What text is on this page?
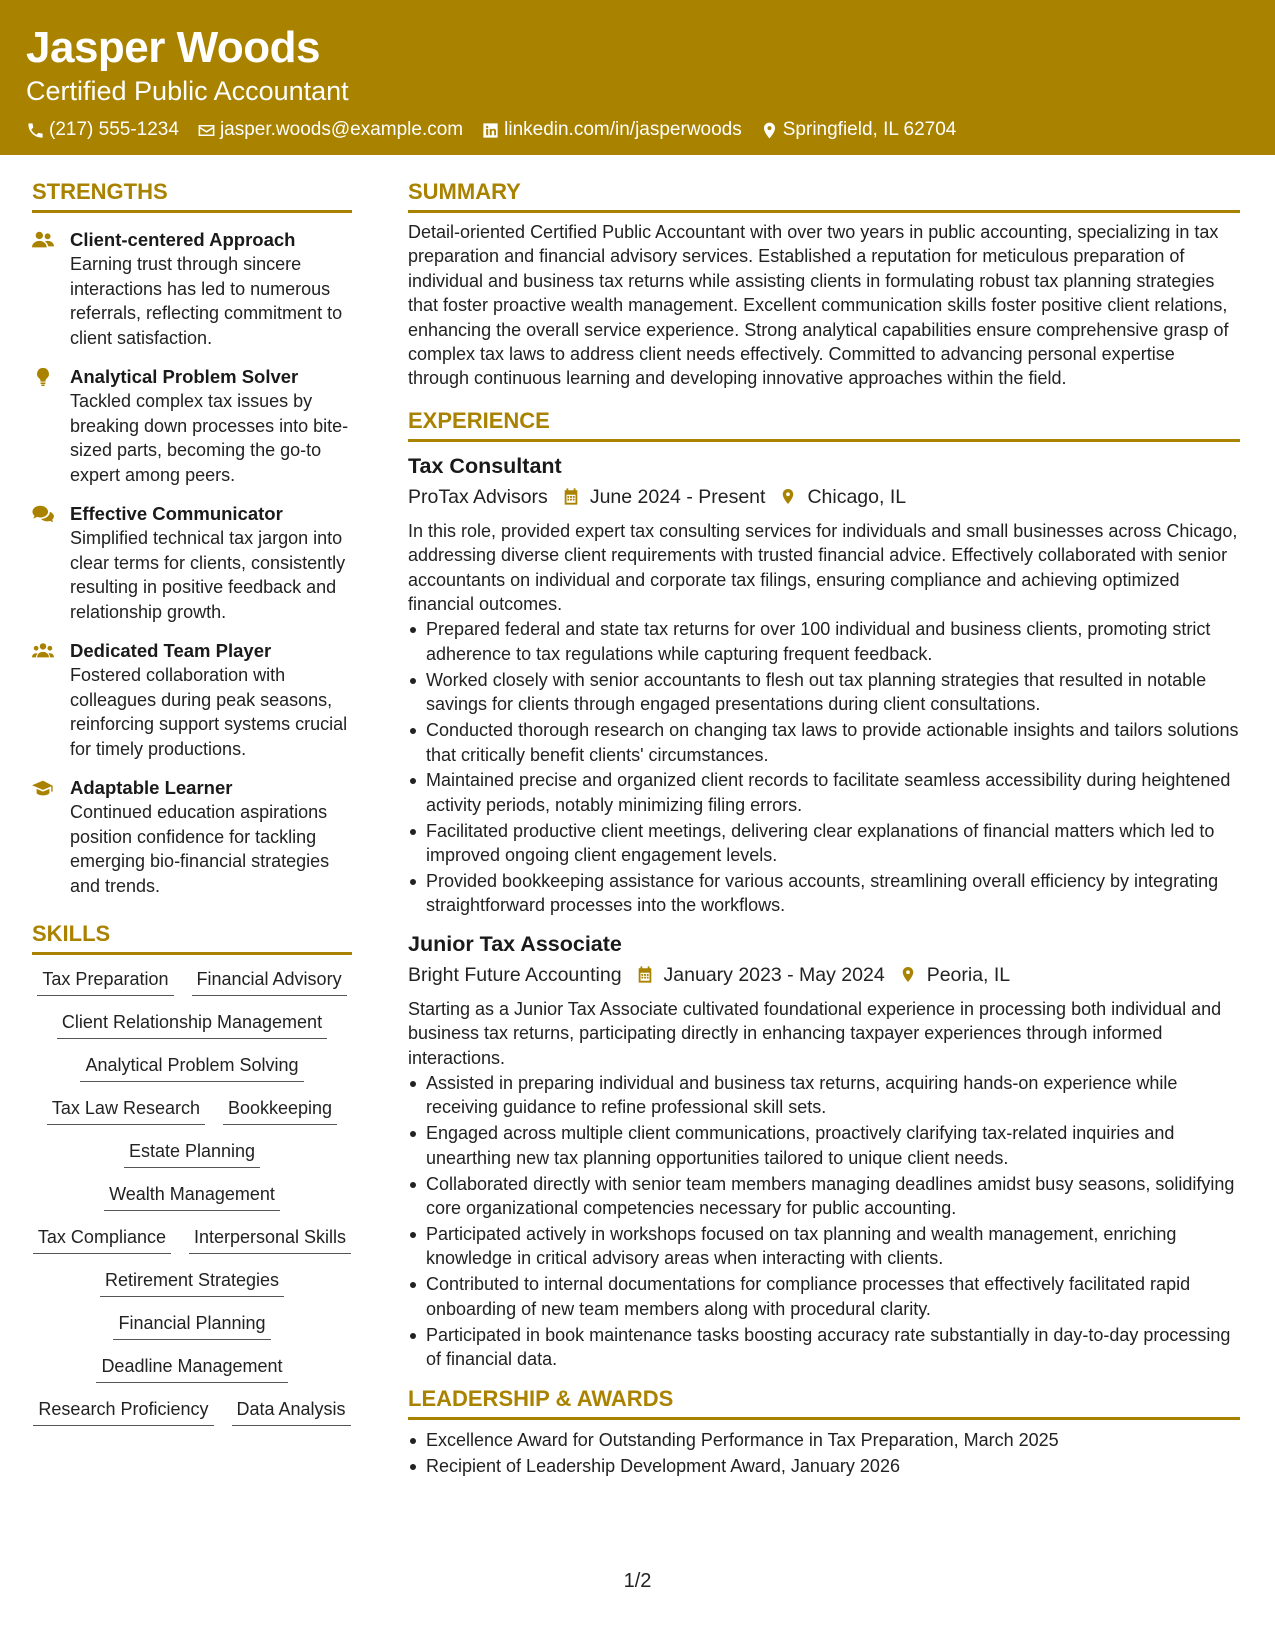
Jasper Woods
Certified Public Accountant
(217) 555-1234 jasper.woods@example.com linkedin.com/in/jasperwoods Springfield, IL 62704
STRENGTHS
Client-centered Approach
Earning trust through sincere interactions has led to numerous referrals, reflecting commitment to client satisfaction.
Analytical Problem Solver
Tackled complex tax issues by breaking down processes into bite-sized parts, becoming the go-to expert among peers.
Effective Communicator
Simplified technical tax jargon into clear terms for clients, consistently resulting in positive feedback and relationship growth.
Dedicated Team Player
Fostered collaboration with colleagues during peak seasons, reinforcing support systems crucial for timely productions.
Adaptable Learner
Continued education aspirations position confidence for tackling emerging bio-financial strategies and trends.
SKILLS
Tax Preparation Financial Advisory
Client Relationship Management
Analytical Problem Solving
Tax Law Research Bookkeeping
Estate Planning
Wealth Management
Tax Compliance Interpersonal Skills
Retirement Strategies
Financial Planning
Deadline Management
Research Proficiency Data Analysis
SUMMARY
Detail-oriented Certified Public Accountant with over two years in public accounting, specializing in tax preparation and financial advisory services. Established a reputation for meticulous preparation of individual and business tax returns while assisting clients in formulating robust tax planning strategies that foster proactive wealth management. Excellent communication skills foster positive client relations, enhancing the overall service experience. Strong analytical capabilities ensure comprehensive grasp of complex tax laws to address client needs effectively. Committed to advancing personal expertise through continuous learning and developing innovative approaches within the field.
EXPERIENCE
Tax Consultant
ProTax Advisors June 2024 - Present Chicago, IL
In this role, provided expert tax consulting services for individuals and small businesses across Chicago, addressing diverse client requirements with trusted financial advice. Effectively collaborated with senior accountants on individual and corporate tax filings, ensuring compliance and achieving optimized financial outcomes.
Prepared federal and state tax returns for over 100 individual and business clients, promoting strict adherence to tax regulations while capturing frequent feedback.
Worked closely with senior accountants to flesh out tax planning strategies that resulted in notable savings for clients through engaged presentations during client consultations.
Conducted thorough research on changing tax laws to provide actionable insights and tailors solutions that critically benefit clients' circumstances.
Maintained precise and organized client records to facilitate seamless accessibility during heightened activity periods, notably minimizing filing errors.
Facilitated productive client meetings, delivering clear explanations of financial matters which led to improved ongoing client engagement levels.
Provided bookkeeping assistance for various accounts, streamlining overall efficiency by integrating straightforward processes into the workflows.
Junior Tax Associate
Bright Future Accounting January 2023 - May 2024 Peoria, IL
Starting as a Junior Tax Associate cultivated foundational experience in processing both individual and business tax returns, participating directly in enhancing taxpayer experiences through informed interactions.
Assisted in preparing individual and business tax returns, acquiring hands-on experience while receiving guidance to refine professional skill sets.
Engaged across multiple client communications, proactively clarifying tax-related inquiries and unearthing new tax planning opportunities tailored to unique client needs.
Collaborated directly with senior team members managing deadlines amidst busy seasons, solidifying core organizational competencies necessary for public accounting.
Participated actively in workshops focused on tax planning and wealth management, enriching knowledge in critical advisory areas when interacting with clients.
Contributed to internal documentations for compliance processes that effectively facilitated rapid onboarding of new team members along with procedural clarity.
Participated in book maintenance tasks boosting accuracy rate substantially in day-to-day processing of financial data.
LEADERSHIP & AWARDS
Excellence Award for Outstanding Performance in Tax Preparation, March 2025
Recipient of Leadership Development Award, January 2026
1/2
